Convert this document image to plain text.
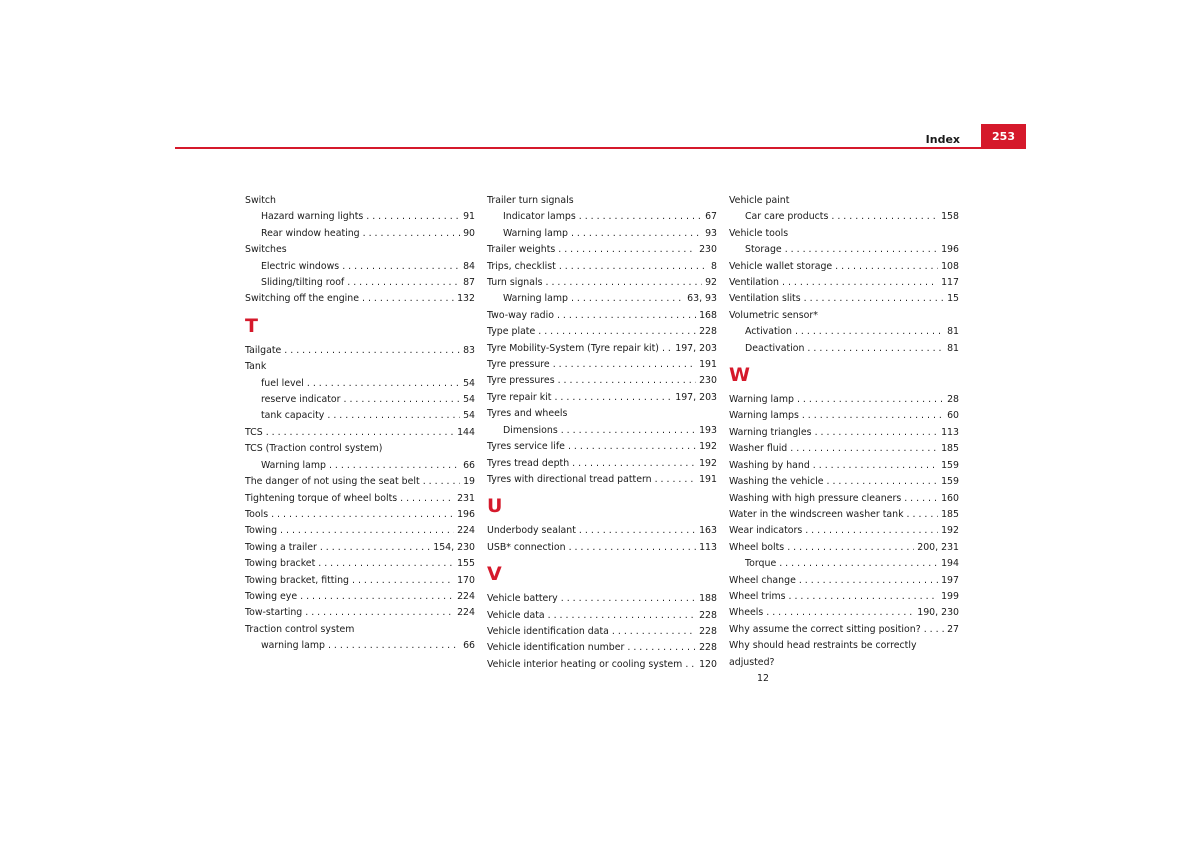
Index	253
Switch
Hazard warning lights . . .	91
Rear window heating . . .	90
Switches
Electric windows . . .	84
Sliding/tilting roof . . .	87
Switching off the engine . . .	132
T
Tailgate . . .	83
Tank
fuel level . . .	54
reserve indicator . . .	54
tank capacity . . .	54
TCS . . .	144
TCS (Traction control system)
Warning lamp . . .	66
The danger of not using the seat belt . . .	19
Tightening torque of wheel bolts . . .	231
Tools . . .	196
Towing . . .	224
Towing a trailer . . .	154, 230
Towing bracket . . .	155
Towing bracket, fitting . . .	170
Towing eye . . .	224
Tow-starting . . .	224
Traction control system
warning lamp . . .	66
Trailer turn signals
Indicator lamps . . .	67
Warning lamp . . .	93
Trailer weights . . .	230
Trips, checklist . . .	8
Turn signals . . .	92
Warning lamp . . .	63, 93
Two-way radio . . .	168
Type plate . . .	228
Tyre Mobility-System (Tyre repair kit) . . . 197, 203
Tyre pressure . . .	191
Tyre pressures . . .	230
Tyre repair kit . . .	197, 203
Tyres and wheels
Dimensions . . .	193
Tyres service life . . .	192
Tyres tread depth . . .	192
Tyres with directional tread pattern . . .	191
U
Underbody sealant . . .	163
USB* connection . . .	113
V
Vehicle battery . . .	188
Vehicle data . . .	228
Vehicle identification data . . .	228
Vehicle identification number . . .	228
Vehicle interior heating or cooling system . . . 120
Vehicle paint
Car care products . . .	158
Vehicle tools
Storage . . .	196
Vehicle wallet storage . . .	108
Ventilation . . .	117
Ventilation slits . . .	15
Volumetric sensor*
Activation . . .	81
Deactivation . . .	81
W
Warning lamp . . .	28
Warning lamps . . .	60
Warning triangles . . .	113
Washer fluid . . .	185
Washing by hand . . .	159
Washing the vehicle . . .	159
Washing with high pressure cleaners . . .	160
Water in the windscreen washer tank . . .	185
Wear indicators . . .	192
Wheel bolts . . .	200, 231
Torque . . .	194
Wheel change . . .	197
Wheel trims . . .	199
Wheels . . .	190, 230
Why assume the correct sitting position? . . .	27
Why should head restraints be correctly adjusted?
12
